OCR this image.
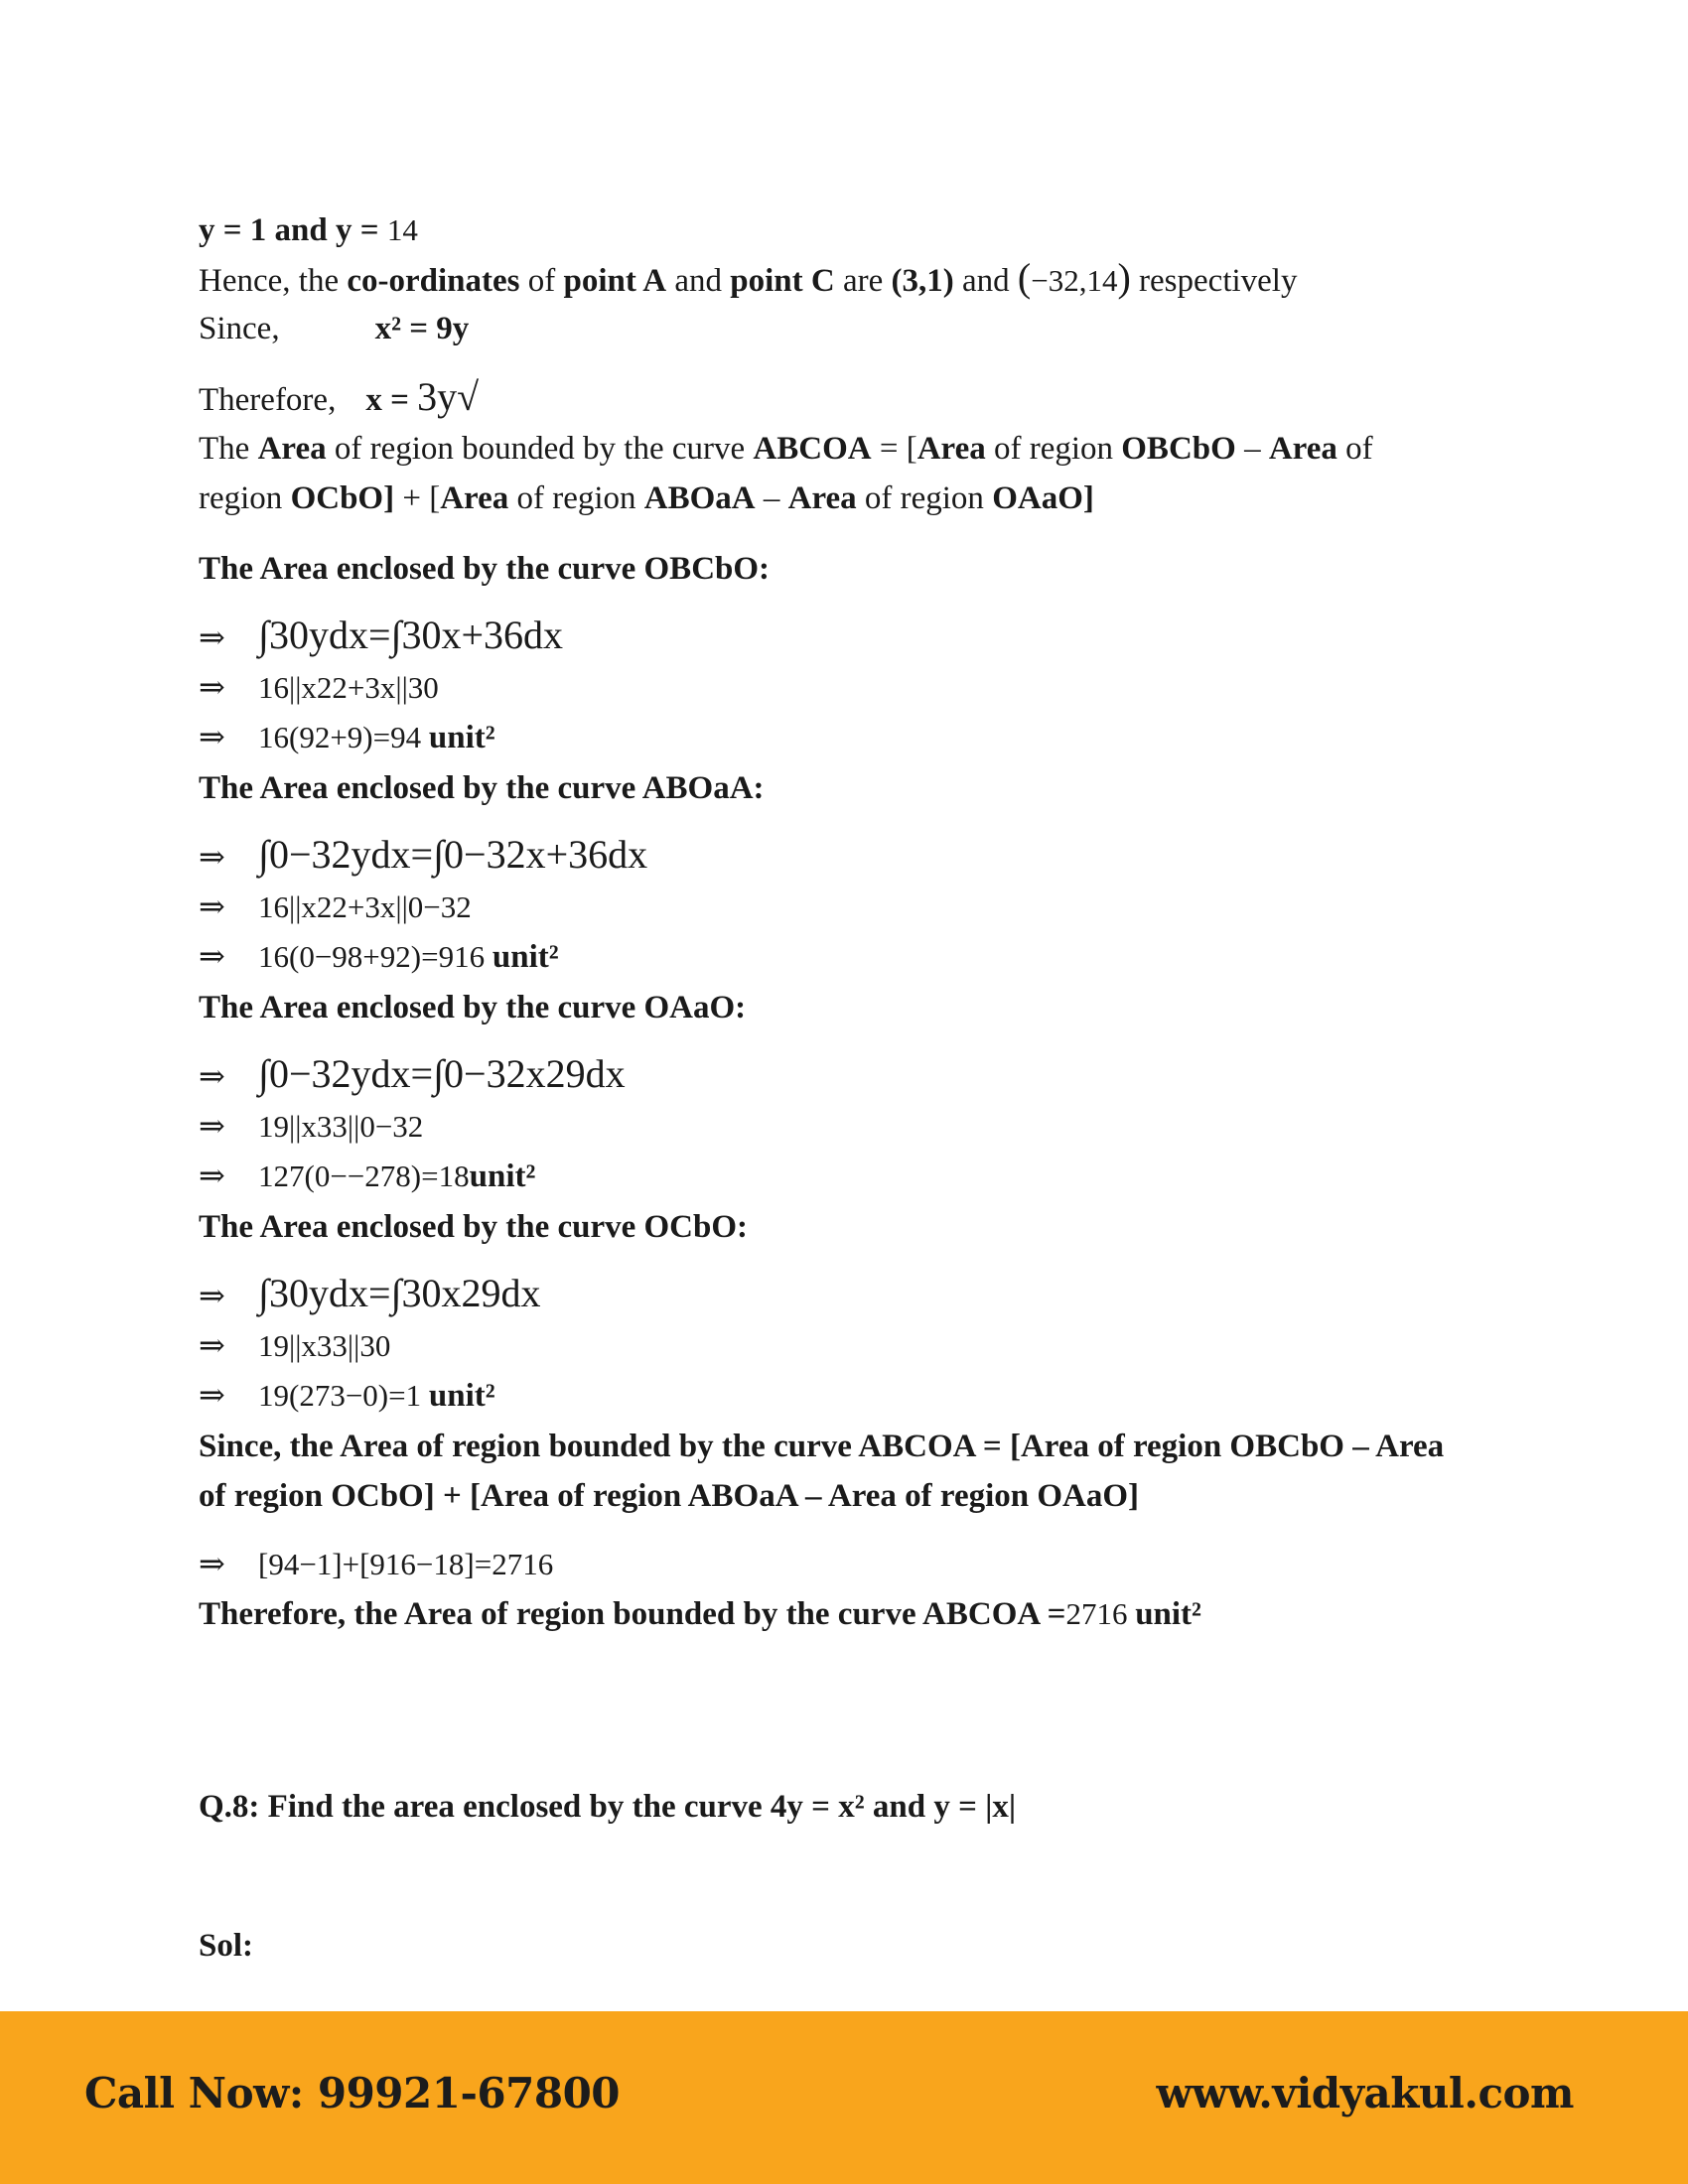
y = 1 and y = 14
Hence, the co-ordinates of point A and point C are (3,1) and (−32,14) respectively
Since,	x² = 9y
Therefore, x = 3y√
The Area of region bounded by the curve ABCOA = [Area of region OBCbO – Area of
region OCbO] + [Area of region ABOaA – Area of region OAaO]
The Area enclosed by the curve OBCbO:
⇒ ∫30ydx=∫30x+36dx
⇒ 16||x22+3x||30
⇒ 16(92+9)=94 unit²
The Area enclosed by the curve ABOaA:
⇒ ∫0−32ydx=∫0−32x+36dx
⇒ 16||x22+3x||0−32
⇒ 16(0−98+92)=916 unit²
The Area enclosed by the curve OAaO:
⇒ ∫0−32ydx=∫0−32x29dx
⇒ 19||x33||0−32
⇒ 127(0−−278)=18unit²
The Area enclosed by the curve OCbO:
⇒ ∫30ydx=∫30x29dx
⇒ 19||x33||30
⇒ 19(273−0)=1 unit²
Since, the Area of region bounded by the curve ABCOA = [Area of region OBCbO – Area
of region OCbO] + [Area of region ABOaA – Area of region OAaO]
⇒ [94−1]+[916−18]=2716
Therefore, the Area of region bounded by the curve ABCOA =2716 unit²
Q.8: Find the area enclosed by the curve 4y = x² and y = |x|
Sol:
Call Now: 99921-67800	www.vidyakul.com
